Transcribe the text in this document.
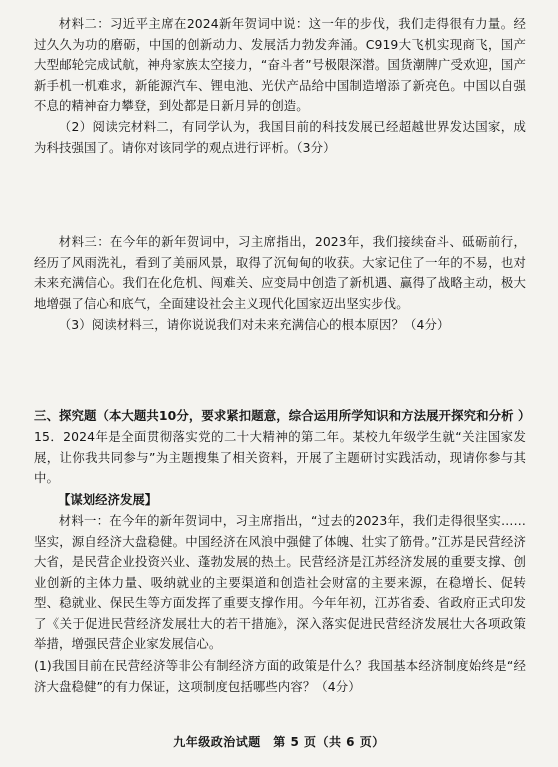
材料二：习近平主席在2024新年贺词中说：这一年的步伐，我们走得很有力量。经过久久为功的磨砺，中国的创新动力、发展活力勃发奔涌。C919大飞机实现商飞，国产大型邮轮完成试航，神舟家族太空接力，“奋斗者”号极限深潜。国货潮牌广受欢迎，国产新手机一机难求，新能源汽车、锂电池、光伏产品给中国制造增添了新亮色。中国以自强不息的精神奋力攀登，到处都是日新月异的创造。

（2）阅读完材料二，有同学认为，我国目前的科技发展已经超越世界发达国家，成为科技强国了。请你对该同学的观点进行评析。（3分）

材料三：在今年的新年贺词中，习主席指出，2023年，我们接续奋斗、砥砺前行，经历了风雨洗礼，看到了美丽风景，取得了沉甸甸的收获。大家记住了一年的不易，也对未来充满信心。我们在化危机、闯难关、应变局中创造了新机遇、赢得了战略主动，极大地增强了信心和底气，全面建设社会主义现代化国家迈出坚实步伐。

（3）阅读材料三，请你说说我们对未来充满信心的根本原因？（4分）

三、探究题（本大题共10分，要求紧扣题意，综合运用所学知识和方法展开探究和分析 ）

15．2024年是全面贯彻落实党的二十大精神的第二年。某校九年级学生就“关注国家发展，让你我共同参与”为主题搜集了相关资料，开展了主题研讨实践活动，现请你参与其中。

【谋划经济发展】

材料一：在今年的新年贺词中，习主席指出，“过去的2023年，我们走得很坚实……坚实，源自经济大盘稳健。中国经济在风浪中强健了体魄、壮实了筋骨。”江苏是民营经济大省，是民营企业投资兴业、蓬勃发展的热土。民营经济是江苏经济发展的重要支撑、创业创新的主体力量、吸纳就业的主要渠道和创造社会财富的主要来源，在稳增长、促转型、稳就业、保民生等方面发挥了重要支撑作用。今年年初，江苏省委、省政府正式印发了《关于促进民营经济发展壮大的若干措施》，深入落实促进民营经济发展壮大各项政策举措，增强民营企业家发展信心。

(1)我国目前在民营经济等非公有制经济方面的政策是什么？我国基本经济制度始终是“经济大盘稳健”的有力保证，这项制度包括哪些内容？（4分）

九年级政治试题　第 5 页（共 6 页）
